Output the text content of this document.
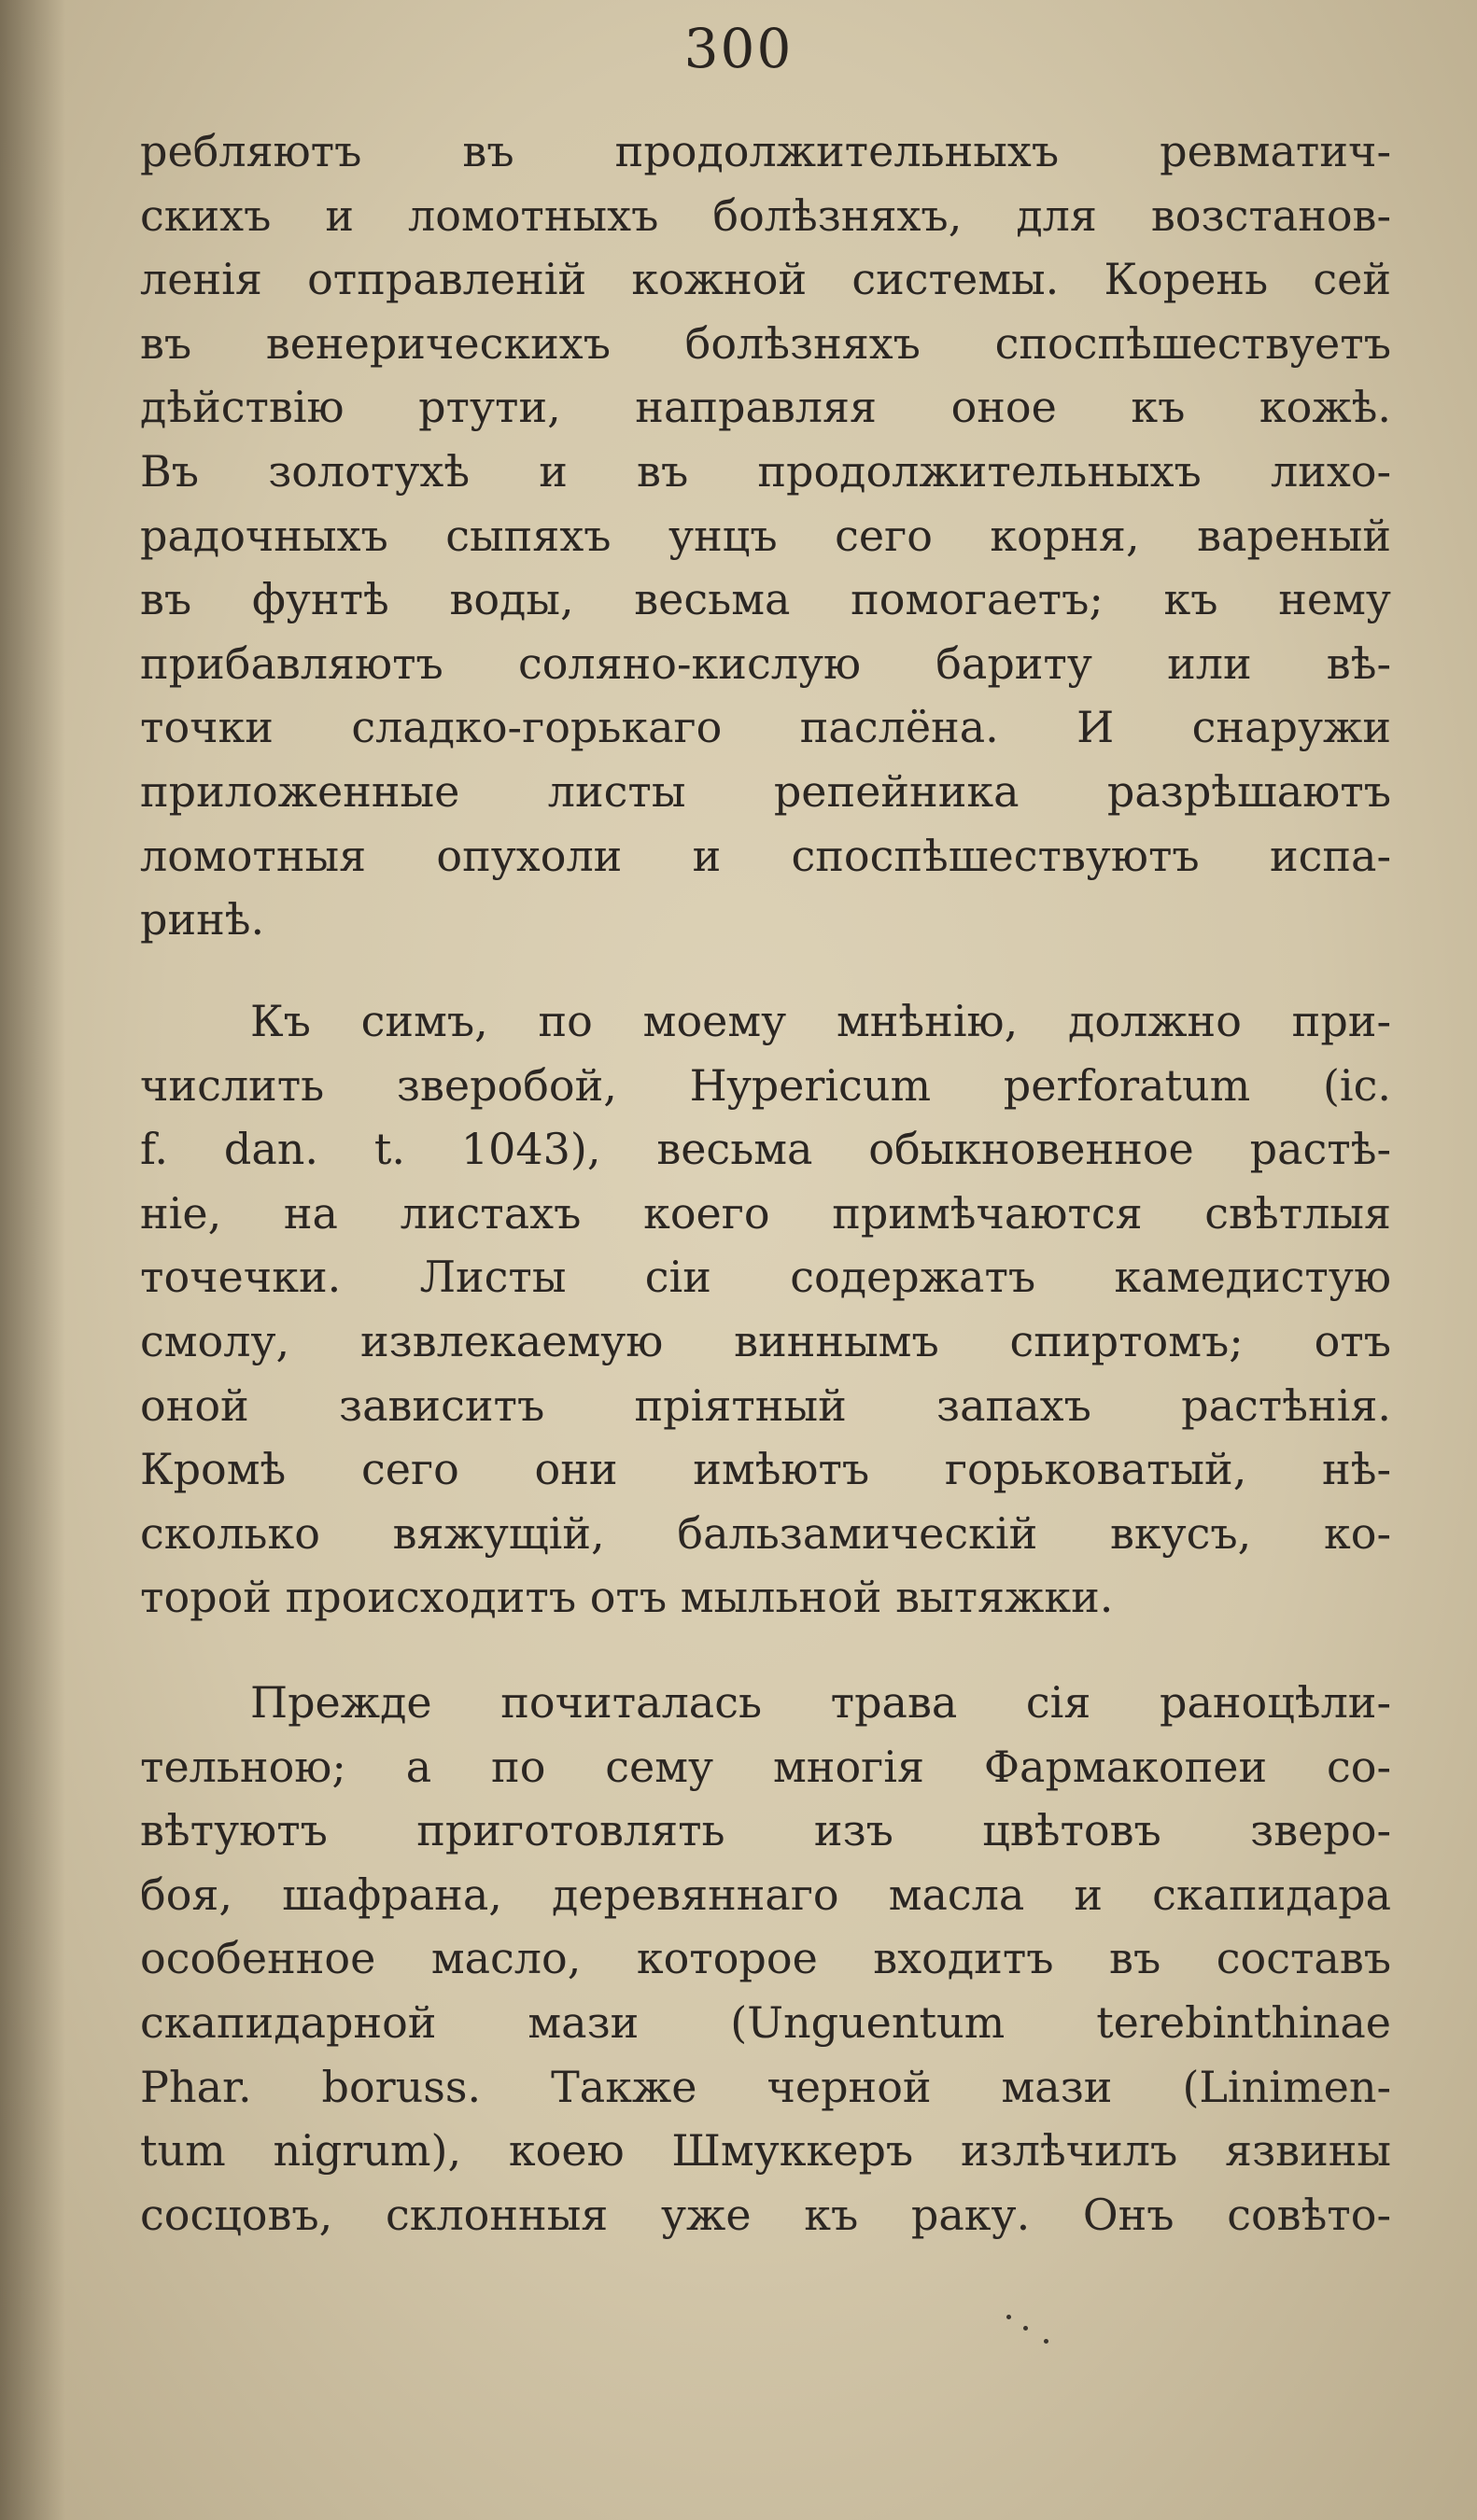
300
ребляютъ въ продолжительныхъ ревматич-
скихъ и ломотныхъ болѣзняхъ, для возстанов-
ленія отправленій кожной системы. Корень сей
въ венерическихъ болѣзняхъ споспѣшествуетъ
дѣйствію ртути, направляя оное къ кожѣ.
Въ золотухѣ и въ продолжительныхъ лихо-
радочныхъ сыпяхъ унцъ сего корня, вареный
въ фунтѣ воды, весьма помогаетъ; къ нему
прибавляютъ соляно-кислую бариту или вѣ-
точки сладко-горькаго паслёна. И снаружи
приложенные листы репейника разрѣшаютъ
ломотныя опухоли и споспѣшествуютъ испа-
ринѣ.
Къ симъ, по моему мнѣнію, должно при-
числить зверобой, Hypericum perforatum (ic.
f. dan. t. 1043), весьма обыкновенное растѣ-
ніе, на листахъ коего примѣчаются свѣтлыя
точечки. Листы сіи содержатъ камедистую
смолу, извлекаемую виннымъ спиртомъ; отъ
оной зависитъ пріятный запахъ растѣнія.
Кромѣ сего они имѣютъ горьковатый, нѣ-
сколько вяжущій, бальзамическій вкусъ, ко-
торой происходитъ отъ мыльной вытяжки.
Прежде почиталась трава сія раноцѣли-
тельною; а по сему многія Фармакопеи со-
вѣтуютъ приготовлять изъ цвѣтовъ зверо-
боя, шафрана, деревяннаго масла и скапидара
особенное масло, которое входитъ въ составъ
скапидарной мази (Unguentum terebinthinae
Phar. boruss. Также черной мази (Linimen-
tum nigrum), коею Шмуккеръ излѣчилъ язвины
сосцовъ, склонныя уже къ раку. Онъ совѣто-
